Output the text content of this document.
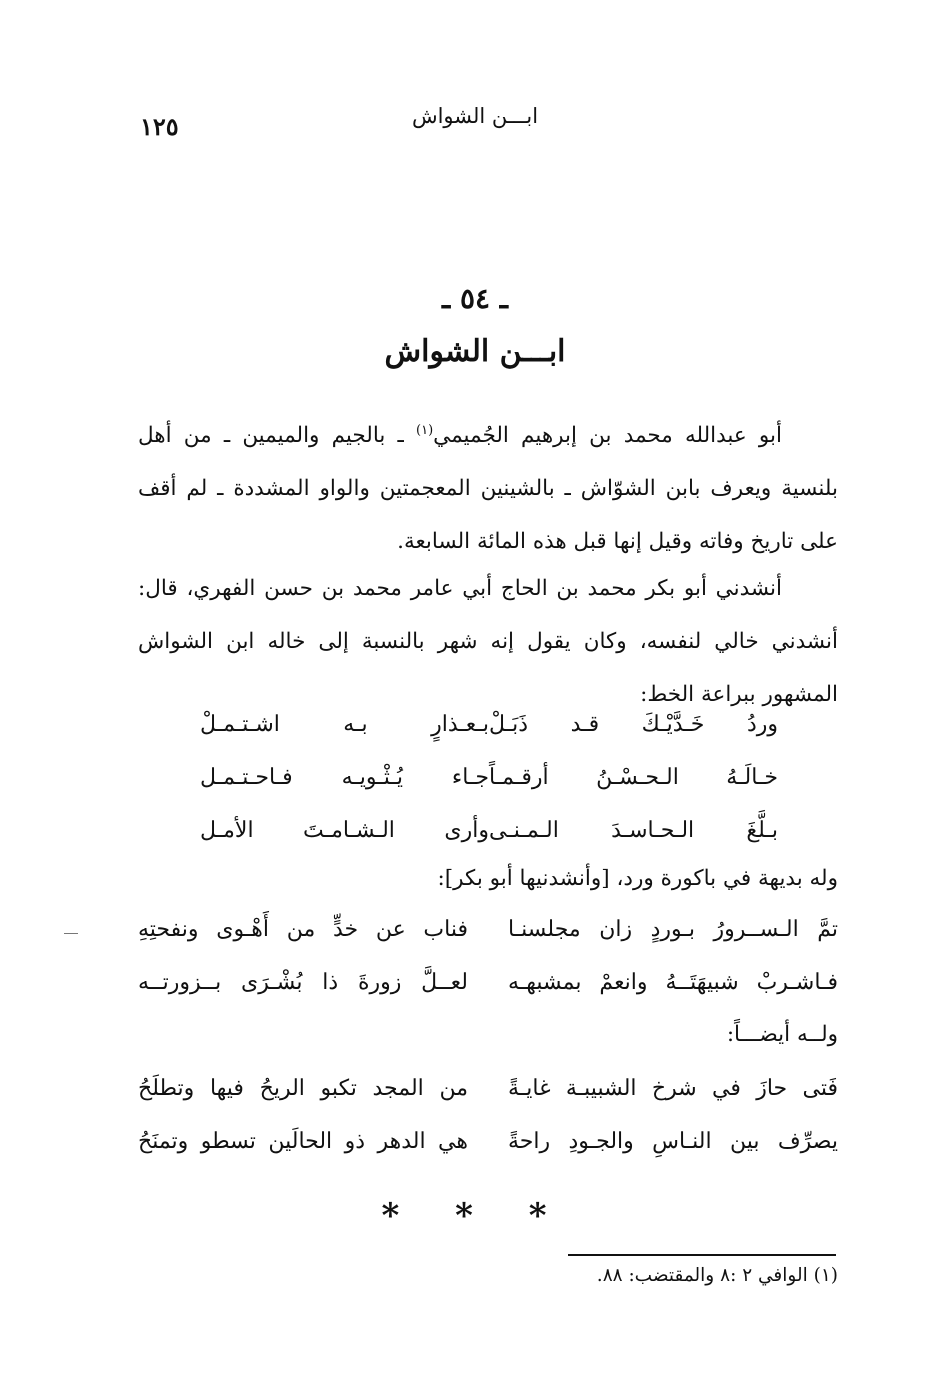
ابـــن الشواش
١٢٥
ـ ٥٤ ـ
ابـــن الشواش
أبو عبدالله محمد بن إبرهيم الجُميمي$^{(١)}$ ـ بالجيم والميمين ـ من أهل بلنسية ويعرف بابن الشوّاش ـ بالشينين المعجمتين والواو المشددة ـ لم أقف على تاريخ وفاته وقيل إنها قبل هذه المائة السابعة.
أنشدني أبو بكر محمد بن الحاج أبي عامر محمد بن حسن الفهري، قال: أنشدني خالي لنفسه، وكان يقول إنه شهر بالنسبة إلى خاله ابن الشواش المشهور ببراعة الخط:
وردُ خَـدَّيْـكَ قـد ذَبَـلْ
بـعـذارٍ بـه اشـتـمـلْ
خـالَـهُ الـحـسْـنُ أرقـمـاً
جـاء يُـثْـويـه فـاحـتـمـل
بـلَّغَ الـحـاسـدَ الـمـنـى
وأرى الـشـامـتَ الأمـل
وله بديهة في باكورة ورد، [وأنشدنيها أبو بكر]:
تمَّ الـســرورُ بـوردٍ زان مجلسنـا
فناب عن خدٍّ من أَهْـوى ونفحتِهِ
فـاشـربْ شبيهَتَــهُ وانعمْ بمشبهـه
لعــلَّ زورةَ ذا بُشْـرَى بــزورتــه
ولــه أيضـــاً:
فَتى حازَ في شرخ الشبيبـة غايـةً
من المجد تكبو الريحُ فيها وتطلَحُ
يصرِّف بين النـاسِ والجـودِ راحةً
هي الدهر ذو الحالَين تسطو وتمنَحُ
* * *
(١) الوافي ٢ :٨ والمقتضب: ٨٨.
